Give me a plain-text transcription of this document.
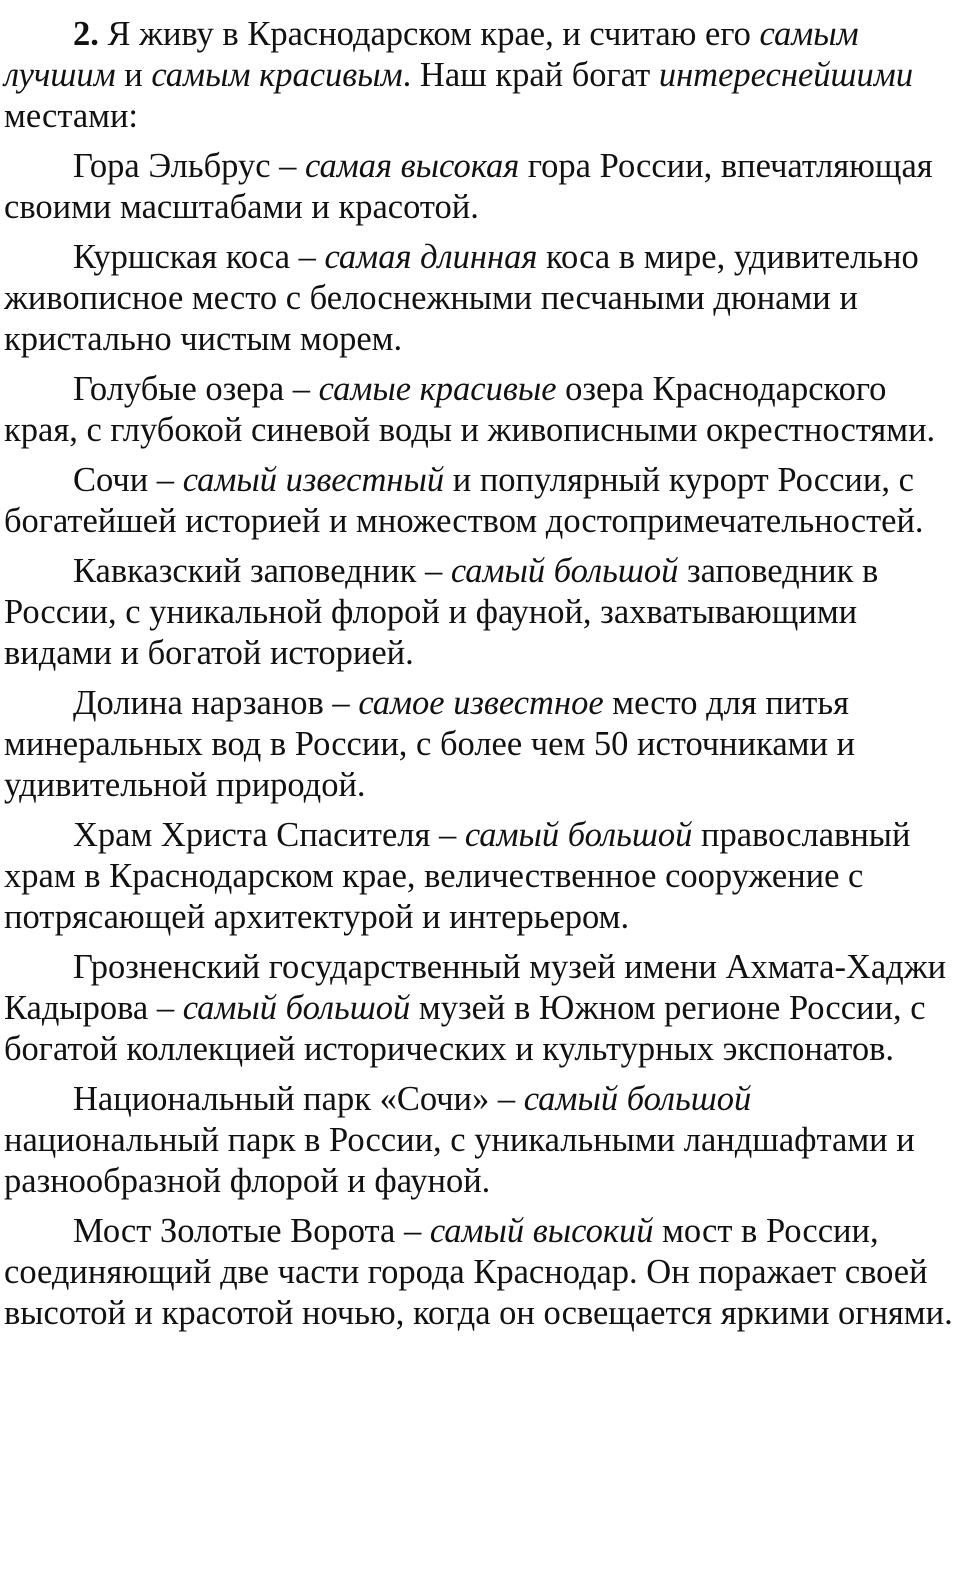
2. Я живу в Краснодарском крае, и считаю его самым лучшим и самым красивым. Наш край богат интереснейшими местами:

Гора Эльбрус – самая высокая гора России, впечатляющая своими масштабами и красотой.

Куршская коса – самая длинная коса в мире, удивительно живописное место с белоснежными песчаными дюнами и кристально чистым морем.

Голубые озера – самые красивые озера Краснодарского края, с глубокой синевой воды и живописными окрестностями.

Сочи – самый известный и популярный курорт России, с богатейшей историей и множеством достопримечательностей.

Кавказский заповедник – самый большой заповедник в России, с уникальной флорой и фауной, захватывающими видами и богатой историей.

Долина нарзанов – самое известное место для питья минеральных вод в России, с более чем 50 источниками и удивительной природой.

Храм Христа Спасителя – самый большой православный храм в Краснодарском крае, величественное сооружение с потрясающей архитектурой и интерьером.

Грозненский государственный музей имени Ахмата-Хаджи Кадырова – самый большой музей в Южном регионе России, с богатой коллекцией исторических и культурных экспонатов.

Национальный парк «Сочи» – самый большой национальный парк в России, с уникальными ландшафтами и разнообразной флорой и фауной.

Мост Золотые Ворота – самый высокий мост в России, соединяющий две части города Краснодар. Он поражает своей высотой и красотой ночью, когда он освещается яркими огнями.
